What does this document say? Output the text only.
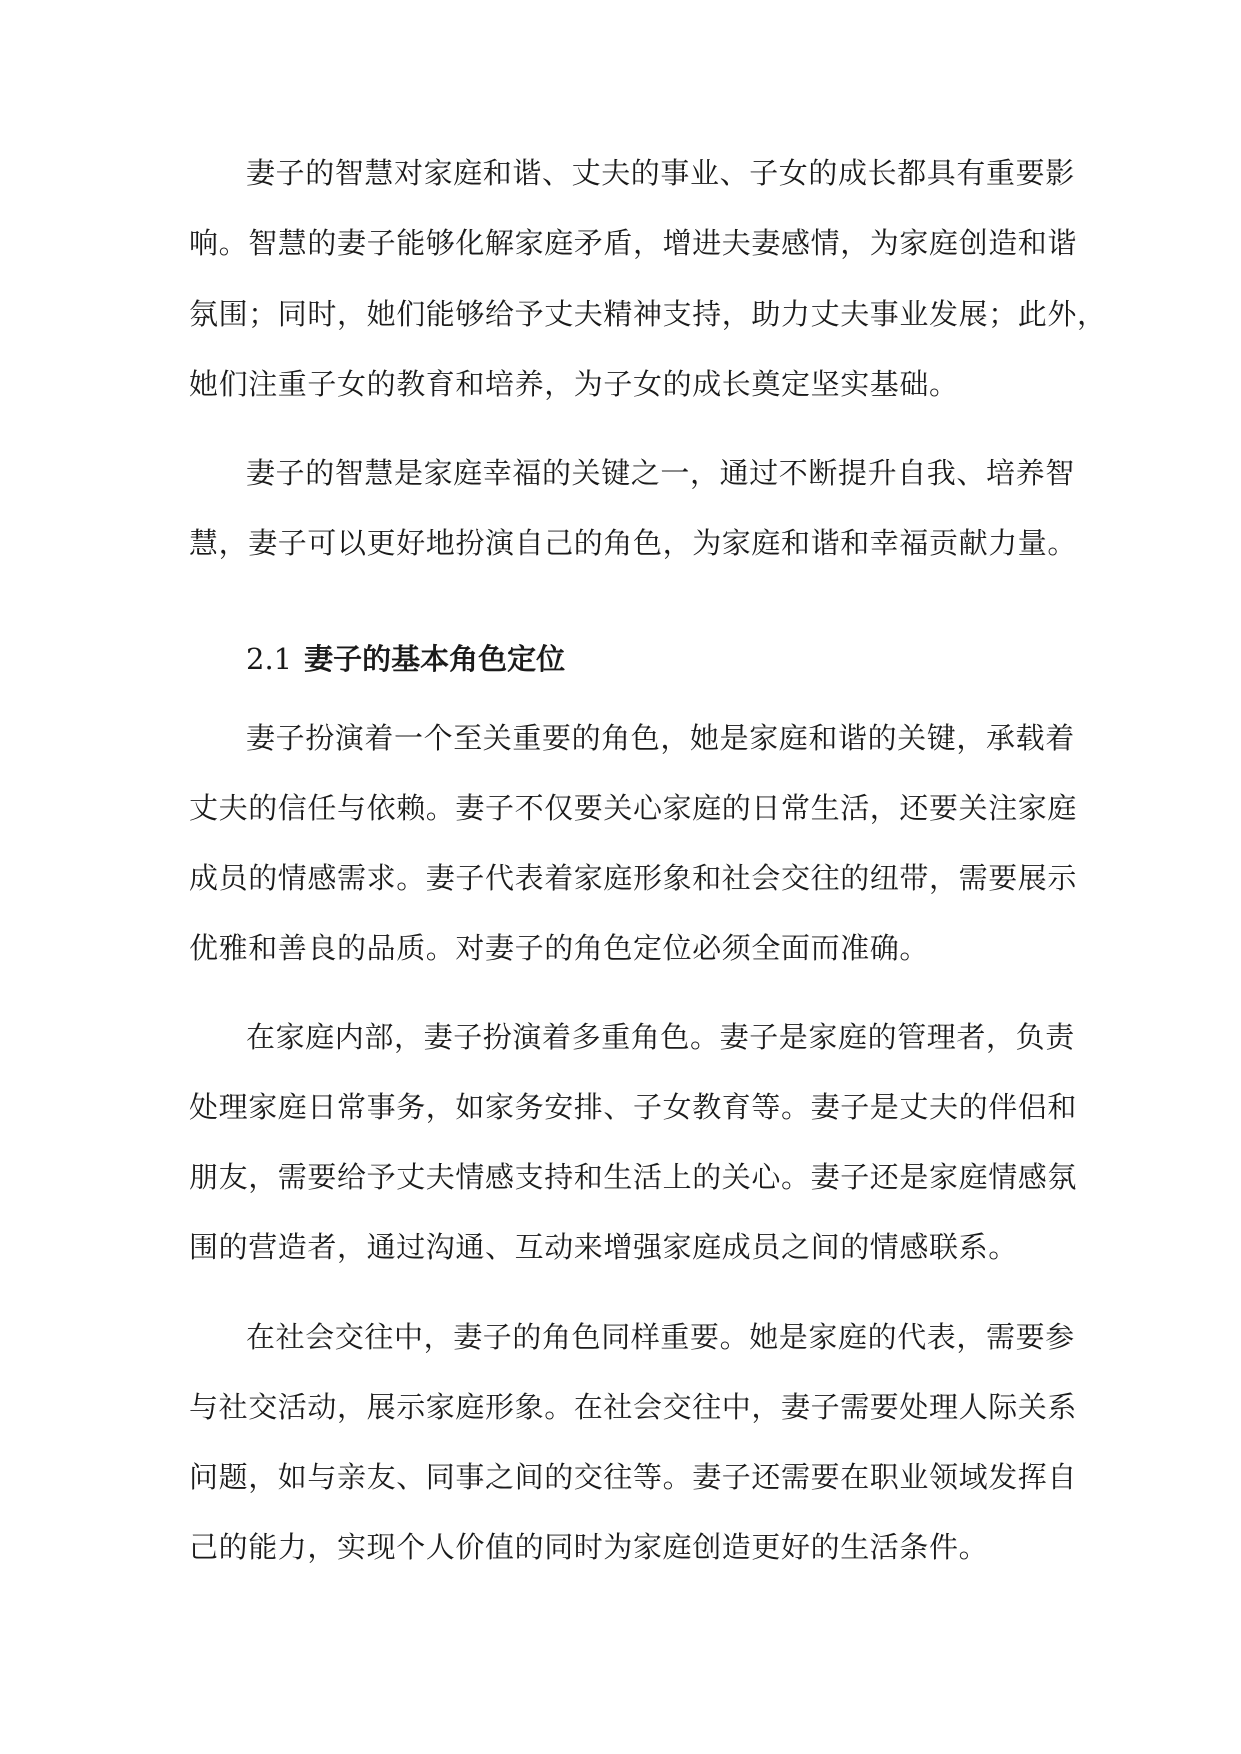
妻子的智慧对家庭和谐、丈夫的事业、子女的成长都具有重要影
响。智慧的妻子能够化解家庭矛盾，增进夫妻感情，为家庭创造和谐
氛围；同时，她们能够给予丈夫精神支持，助力丈夫事业发展；此外，
她们注重子女的教育和培养，为子女的成长奠定坚实基础。
妻子的智慧是家庭幸福的关键之一，通过不断提升自我、培养智
慧，妻子可以更好地扮演自己的角色，为家庭和谐和幸福贡献力量。
2.1 妻子的基本角色定位
妻子扮演着一个至关重要的角色，她是家庭和谐的关键，承载着
丈夫的信任与依赖。妻子不仅要关心家庭的日常生活，还要关注家庭
成员的情感需求。妻子代表着家庭形象和社会交往的纽带，需要展示
优雅和善良的品质。对妻子的角色定位必须全面而准确。
在家庭内部，妻子扮演着多重角色。妻子是家庭的管理者，负责
处理家庭日常事务，如家务安排、子女教育等。妻子是丈夫的伴侣和
朋友，需要给予丈夫情感支持和生活上的关心。妻子还是家庭情感氛
围的营造者，通过沟通、互动来增强家庭成员之间的情感联系。
在社会交往中，妻子的角色同样重要。她是家庭的代表，需要参
与社交活动，展示家庭形象。在社会交往中，妻子需要处理人际关系
问题，如与亲友、同事之间的交往等。妻子还需要在职业领域发挥自
己的能力，实现个人价值的同时为家庭创造更好的生活条件。
